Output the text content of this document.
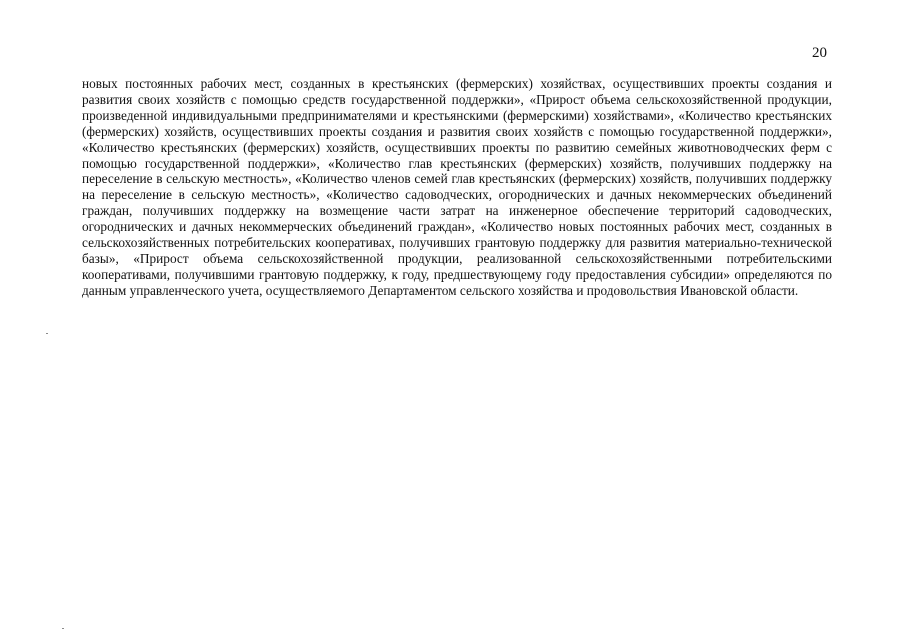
20

новых постоянных рабочих мест, созданных в крестьянских (фермерских) хозяйствах, осуществивших проекты создания и развития своих хозяйств с помощью средств государственной поддержки», «Прирост объема сельскохозяйственной продукции, произведенной индивидуальными предпринимателями и крестьянскими (фермерскими) хозяйствами», «Количество крестьянских (фермерских) хозяйств, осуществивших проекты создания и развития своих хозяйств с помощью государственной поддержки», «Количество крестьянских (фермерских) хозяйств, осуществивших проекты по развитию семейных животноводческих ферм с помощью государственной поддержки», «Количество глав крестьянских (фермерских) хозяйств, получивших поддержку на переселение в сельскую местность», «Количество членов семей глав крестьянских (фермерских) хозяйств, получивших поддержку на переселение в сельскую местность», «Количество садоводческих, огороднических и дачных некоммерческих объединений граждан, получивших поддержку на возмещение части затрат на инженерное обеспечение территорий садоводческих, огороднических и дачных некоммерческих объединений граждан», «Количество новых постоянных рабочих мест, созданных в сельскохозяйственных потребительских кооперативах, получивших грантовую поддержку для развития материально-технической базы», «Прирост объема сельскохозяйственной продукции, реализованной сельскохозяйственными потребительскими кооперативами, получившими грантовую поддержку, к году, предшествующему году предоставления субсидии» определяются по данным управленческого учета, осуществляемого Департаментом сельского хозяйства и продовольствия Ивановской области.
